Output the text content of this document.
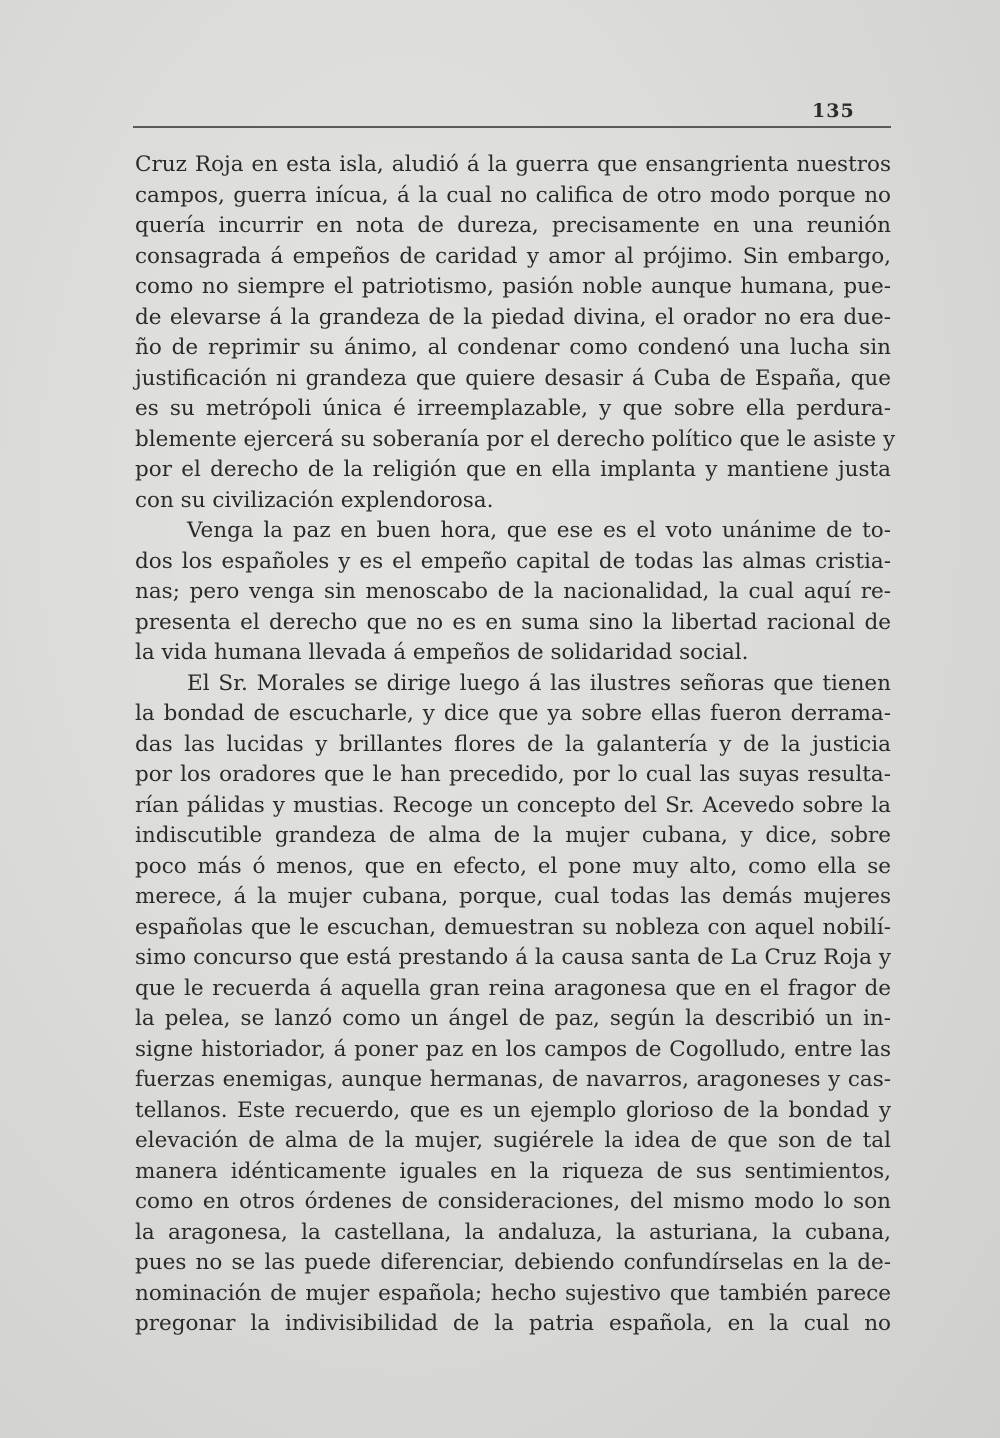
135
Cruz Roja en esta isla, aludió á la guerra que ensangrienta nuestros
campos, guerra inícua, á la cual no califica de otro modo porque no
quería incurrir en nota de dureza, precisamente en una reunión
consagrada á empeños de caridad y amor al prójimo. Sin embargo,
como no siempre el patriotismo, pasión noble aunque humana, pue-
de elevarse á la grandeza de la piedad divina, el orador no era due-
ño de reprimir su ánimo, al condenar como condenó una lucha sin
justificación ni grandeza que quiere desasir á Cuba de España, que
es su metrópoli única é irreemplazable, y que sobre ella perdura-
blemente ejercerá su soberanía por el derecho político que le asiste y
por el derecho de la religión que en ella implanta y mantiene justa
con su civilización explendorosa.
Venga la paz en buen hora, que ese es el voto unánime de to-
dos los españoles y es el empeño capital de todas las almas cristia-
nas; pero venga sin menoscabo de la nacionalidad, la cual aquí re-
presenta el derecho que no es en suma sino la libertad racional de
la vida humana llevada á empeños de solidaridad social.
El Sr. Morales se dirige luego á las ilustres señoras que tienen
la bondad de escucharle, y dice que ya sobre ellas fueron derrama-
das las lucidas y brillantes flores de la galantería y de la justicia
por los oradores que le han precedido, por lo cual las suyas resulta-
rían pálidas y mustias. Recoge un concepto del Sr. Acevedo sobre la
indiscutible grandeza de alma de la mujer cubana, y dice, sobre
poco más ó menos, que en efecto, el pone muy alto, como ella se
merece, á la mujer cubana, porque, cual todas las demás mujeres
españolas que le escuchan, demuestran su nobleza con aquel nobilí-
simo concurso que está prestando á la causa santa de La Cruz Roja y
que le recuerda á aquella gran reina aragonesa que en el fragor de
la pelea, se lanzó como un ángel de paz, según la describió un in-
signe historiador, á poner paz en los campos de Cogolludo, entre las
fuerzas enemigas, aunque hermanas, de navarros, aragoneses y cas-
tellanos. Este recuerdo, que es un ejemplo glorioso de la bondad y
elevación de alma de la mujer, sugiérele la idea de que son de tal
manera idénticamente iguales en la riqueza de sus sentimientos,
como en otros órdenes de consideraciones, del mismo modo lo son
la aragonesa, la castellana, la andaluza, la asturiana, la cubana,
pues no se las puede diferenciar, debiendo confundírselas en la de-
nominación de mujer española; hecho sujestivo que también parece
pregonar la indivisibilidad de la patria española, en la cual no
